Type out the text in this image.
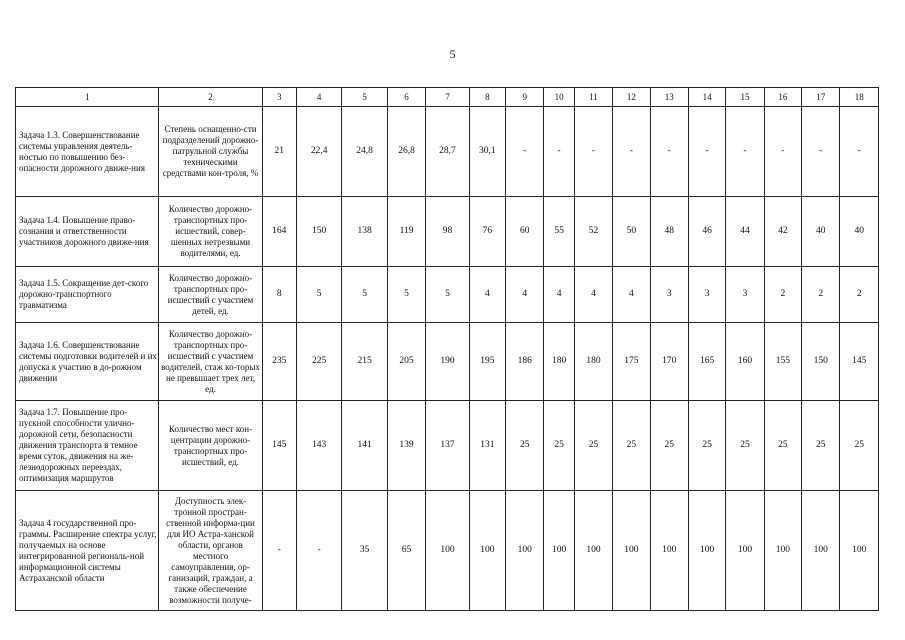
5
1	2	3	4	5	6	7	8	9	10	11	12	13	14	15	16	17	18
Задача 1.3. Совершенствование системы управления деятель-ностью по повышению без-опасности дорожного движе-ния	Степень оснащенно-сти подразделений дорожно-патрульной службы техническими средствами кон-троля, %	21	22,4	24,8	26,8	28,7	30,1	-	-	-	-	-	-	-	-	-	-
Задача 1.4. Повышение право-сознания и ответственности участников дорожного движе-ния	Количество дорожно-транспортных про-исшествий, совер-шенных нетрезвыми водителями, ед.	164	150	138	119	98	76	60	55	52	50	48	46	44	42	40	40
Задача 1.5. Сокращение дет-ского дорожно-транспортного травматизма	Количество дорожно-транспортных про-исшествий с участием детей, ед.	8	5	5	5	5	4	4	4	4	4	3	3	3	2	2	2
Задача 1.6. Совершенствование системы подготовки водителей и их допуска к участию в до-рожном движении	Количество дорожно-транспортных про-исшествий с участием водителей, стаж ко-торых не превышает трех лет, ед.	235	225	215	205	190	195	186	180	180	175	170	165	160	155	150	145
Задача 1.7. Повышение про-пускной способности улично-дорожной сети, безопасности движения транспорта в темное время суток, движения на же-лезнодорожных переездах, оптимизация маршрутов	Количество мест кон-центрации дорожно-транспортных про-исшествий, ед.	145	143	141	139	137	131	25	25	25	25	25	25	25	25	25	25
Задача 4 государственной про-граммы. Расширение спектра услуг, получаемых на основе интегрированной региональ-ной информационной системы Астраханской области	Доступность элек-тронной простран-ственной информа-ции для ИО Астра-ханской области, органов местного самоуправления, ор-ганизаций, граждан, а также обеспечение возможности получе-	-	-	35	65	100	100	100	100	100	100	100	100	100	100	100	100
